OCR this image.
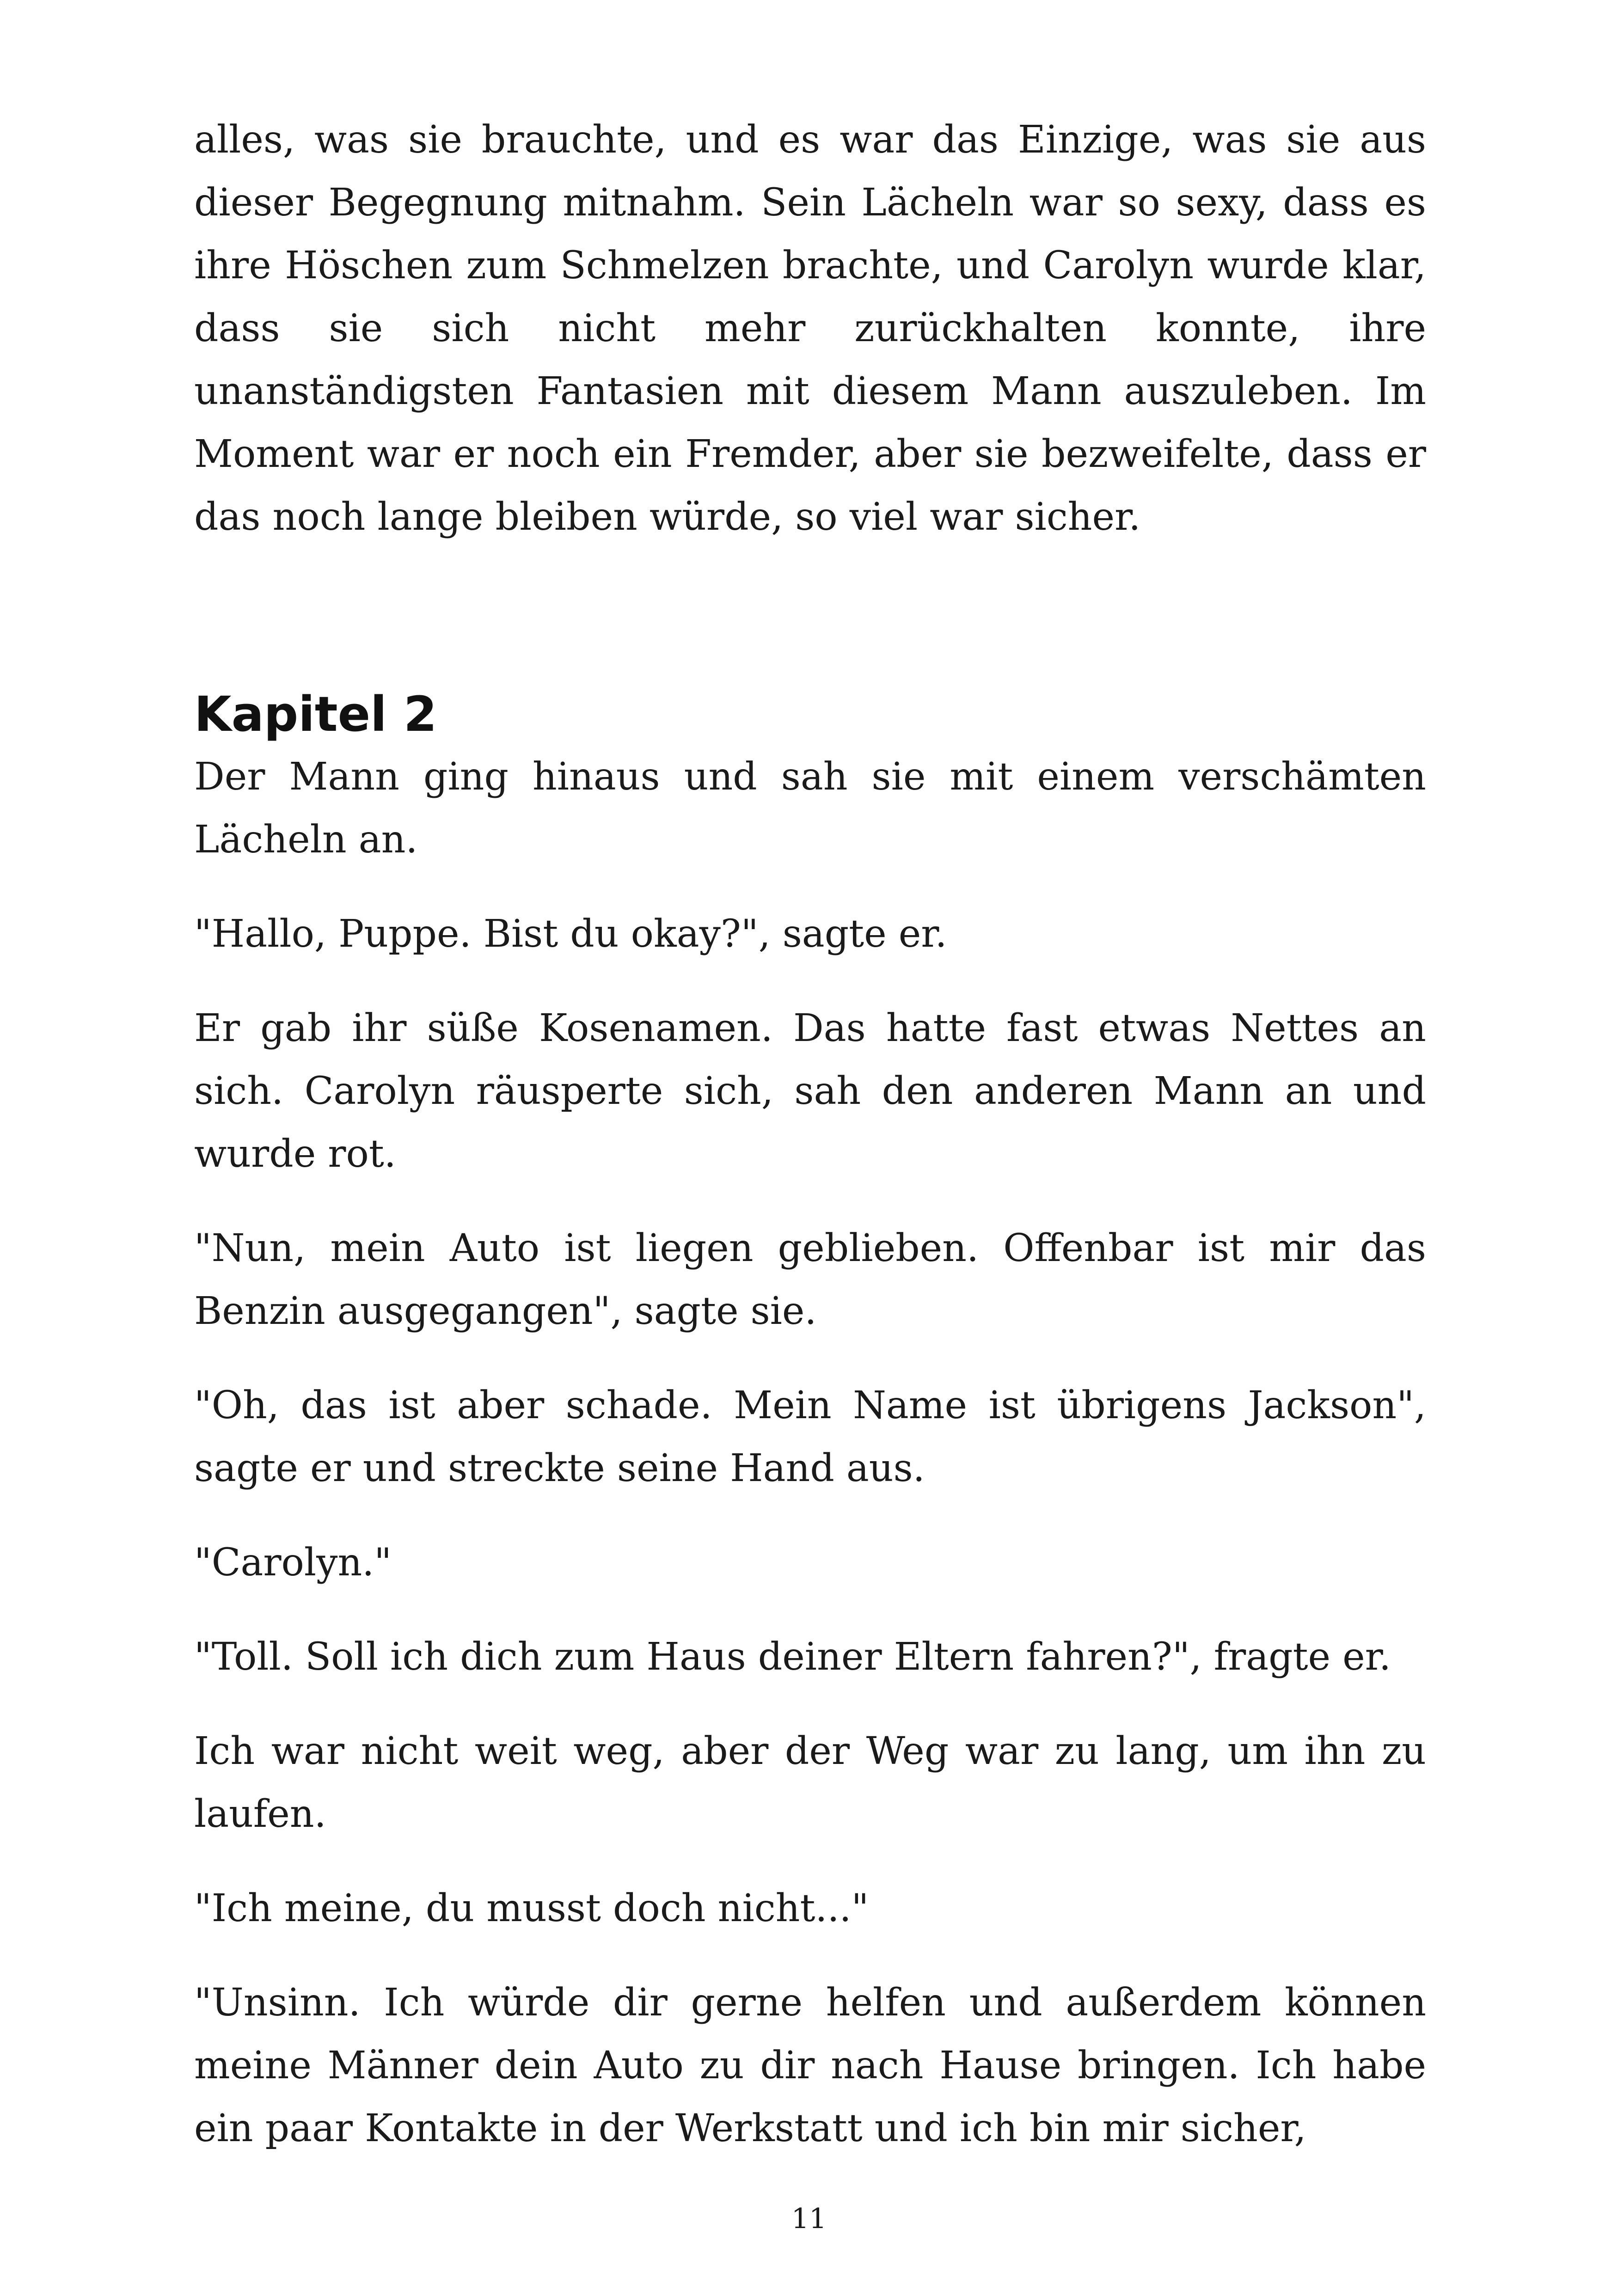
alles, was sie brauchte, und es war das Einzige, was sie aus dieser Begegnung mitnahm. Sein Lächeln war so sexy, dass es ihre Höschen zum Schmelzen brachte, und Carolyn wurde klar, dass sie sich nicht mehr zurückhalten konnte, ihre unanständigsten Fantasien mit diesem Mann auszuleben. Im Moment war er noch ein Fremder, aber sie bezweifelte, dass er das noch lange bleiben würde, so viel war sicher.

Kapitel 2

Der Mann ging hinaus und sah sie mit einem verschämten Lächeln an.

"Hallo, Puppe. Bist du okay?", sagte er.

Er gab ihr süße Kosenamen. Das hatte fast etwas Nettes an sich. Carolyn räusperte sich, sah den anderen Mann an und wurde rot.

"Nun, mein Auto ist liegen geblieben. Offenbar ist mir das Benzin ausgegangen", sagte sie.

"Oh, das ist aber schade. Mein Name ist übrigens Jackson", sagte er und streckte seine Hand aus.

"Carolyn."

"Toll. Soll ich dich zum Haus deiner Eltern fahren?", fragte er.

Ich war nicht weit weg, aber der Weg war zu lang, um ihn zu laufen.

"Ich meine, du musst doch nicht..."

"Unsinn. Ich würde dir gerne helfen und außerdem können meine Männer dein Auto zu dir nach Hause bringen. Ich habe ein paar Kontakte in der Werkstatt und ich bin mir sicher,

11
